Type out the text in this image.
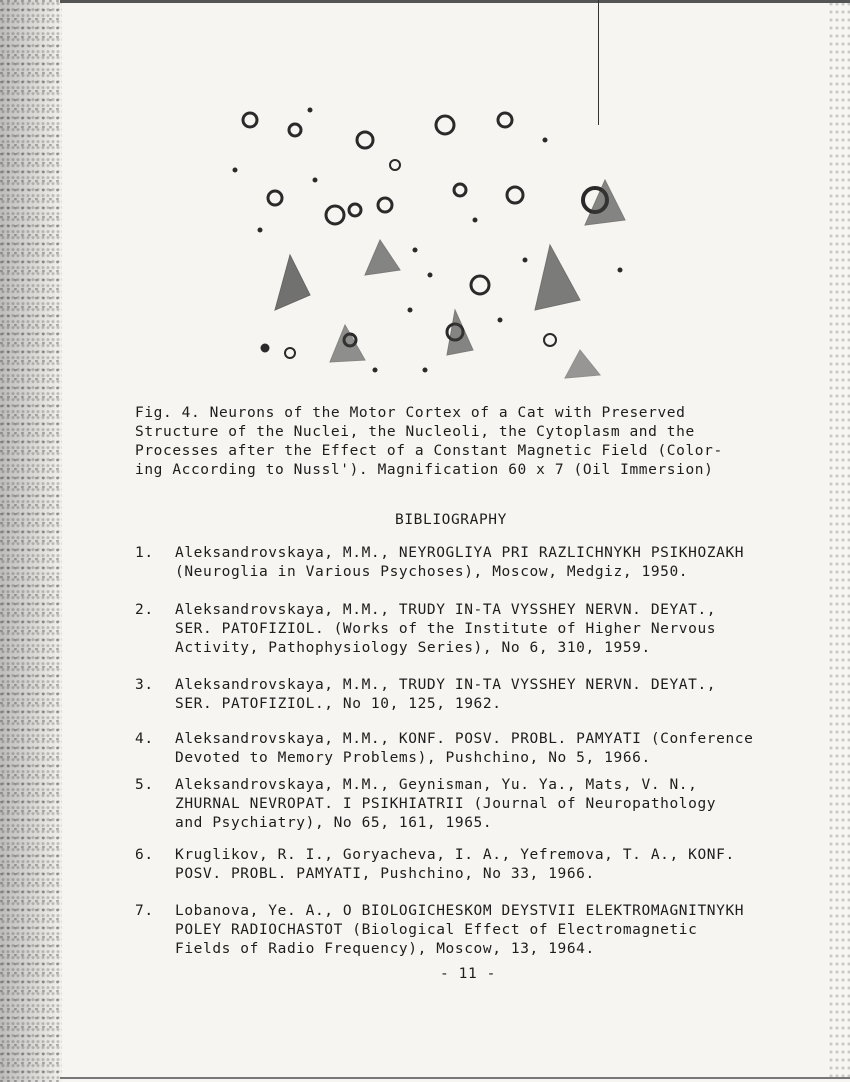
Fig. 4. Neurons of the Motor Cortex of a Cat with Preserved
Structure of the Nuclei, the Nucleoli, the Cytoplasm and the
Processes after the Effect of a Constant Magnetic Field (Color-
ing According to Nussl'). Magnification 60 x 7 (Oil Immersion)
BIBLIOGRAPHY
1. Aleksandrovskaya, M.M., NEYROGLIYA PRI RAZLICHNYKH PSIKHOZAKH
(Neuroglia in Various Psychoses), Moscow, Medgiz, 1950.
2. Aleksandrovskaya, M.M., TRUDY IN-TA VYSSHEY NERVN. DEYAT.,
SER. PATOFIZIOL. (Works of the Institute of Higher Nervous
Activity, Pathophysiology Series), No 6, 310, 1959.
3. Aleksandrovskaya, M.M., TRUDY IN-TA VYSSHEY NERVN. DEYAT.,
SER. PATOFIZIOL., No 10, 125, 1962.
4. Aleksandrovskaya, M.M., KONF. POSV. PROBL. PAMYATI (Conference
Devoted to Memory Problems), Pushchino, No 5, 1966.
5. Aleksandrovskaya, M.M., Geynisman, Yu. Ya., Mats, V. N.,
ZHURNAL NEVROPAT. I PSIKHIATRII (Journal of Neuropathology
and Psychiatry), No 65, 161, 1965.
6. Kruglikov, R. I., Goryacheva, I. A., Yefremova, T. A., KONF.
POSV. PROBL. PAMYATI, Pushchino, No 33, 1966.
7. Lobanova, Ye. A., O BIOLOGICHESKOM DEYSTVII ELEKTROMAGNITNYKH
POLEY RADIOCHASTOT (Biological Effect of Electromagnetic
Fields of Radio Frequency), Moscow, 13, 1964.
- 11 -
